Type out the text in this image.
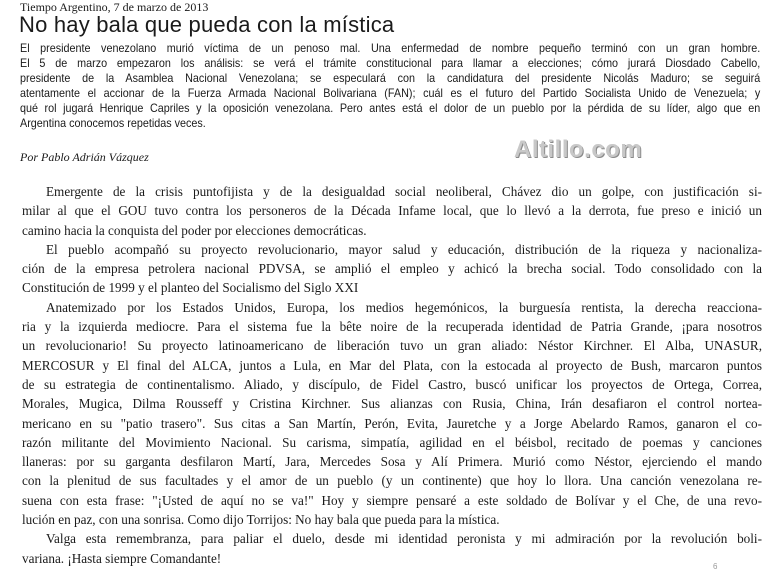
Tiempo Argentino, 7 de marzo de 2013
No hay bala que pueda con la mística
El presidente venezolano murió víctima de un penoso mal. Una enfermedad de nombre pequeño terminó con un gran hombre.
El 5 de marzo empezaron los análisis: se verá el trámite constitucional para llamar a elecciones; cómo jurará Diosdado Cabello,
presidente de la Asamblea Nacional Venezolana; se especulará con la candidatura del presidente Nicolás Maduro; se seguirá
atentamente el accionar de la Fuerza Armada Nacional Bolivariana (FAN); cuál es el futuro del Partido Socialista Unido de Venezuela; y
qué rol jugará Henrique Capriles y la oposición venezolana. Pero antes está el dolor de un pueblo por la pérdida de su líder, algo que en
Argentina conocemos repetidas veces.
Por Pablo Adrián Vázquez	Altillo.com
Emergente de la crisis puntofijista y de la desigualdad social neoliberal, Chávez dio un golpe, con justificación si-
milar al que el GOU tuvo contra los personeros de la Década Infame local, que lo llevó a la derrota, fue preso e inició un
camino hacia la conquista del poder por elecciones democráticas.
El pueblo acompañó su proyecto revolucionario, mayor salud y educación, distribución de la riqueza y nacionaliza-
ción de la empresa petrolera nacional PDVSA, se amplió el empleo y achicó la brecha social. Todo consolidado con la
Constitución de 1999 y el planteo del Socialismo del Siglo XXI
Anatemizado por los Estados Unidos, Europa, los medios hegemónicos, la burguesía rentista, la derecha reacciona-
ria y la izquierda mediocre. Para el sistema fue la bête noire de la recuperada identidad de Patria Grande, ¡para nosotros
un revolucionario! Su proyecto latinoamericano de liberación tuvo un gran aliado: Néstor Kirchner. El Alba, UNASUR,
MERCOSUR y El final del ALCA, juntos a Lula, en Mar del Plata, con la estocada al proyecto de Bush, marcaron puntos
de su estrategia de continentalismo. Aliado, y discípulo, de Fidel Castro, buscó unificar los proyectos de Ortega, Correa,
Morales, Mugica, Dilma Rousseff y Cristina Kirchner. Sus alianzas con Rusia, China, Irán desafiaron el control nortea-
mericano en su "patio trasero". Sus citas a San Martín, Perón, Evita, Jauretche y a Jorge Abelardo Ramos, ganaron el co-
razón militante del Movimiento Nacional. Su carisma, simpatía, agilidad en el béisbol, recitado de poemas y canciones
llaneras: por su garganta desfilaron Martí, Jara, Mercedes Sosa y Alí Primera. Murió como Néstor, ejerciendo el mando
con la plenitud de sus facultades y el amor de un pueblo (y un continente) que hoy lo llora. Una canción venezolana re-
suena con esta frase: "¡Usted de aquí no se va!" Hoy y siempre pensaré a este soldado de Bolívar y el Che, de una revo-
lución en paz, con una sonrisa. Como dijo Torrijos: No hay bala que pueda para la mística.
Valga esta remembranza, para paliar el duelo, desde mi identidad peronista y mi admiración por la revolución boli-
variana. ¡Hasta siempre Comandante!
6
